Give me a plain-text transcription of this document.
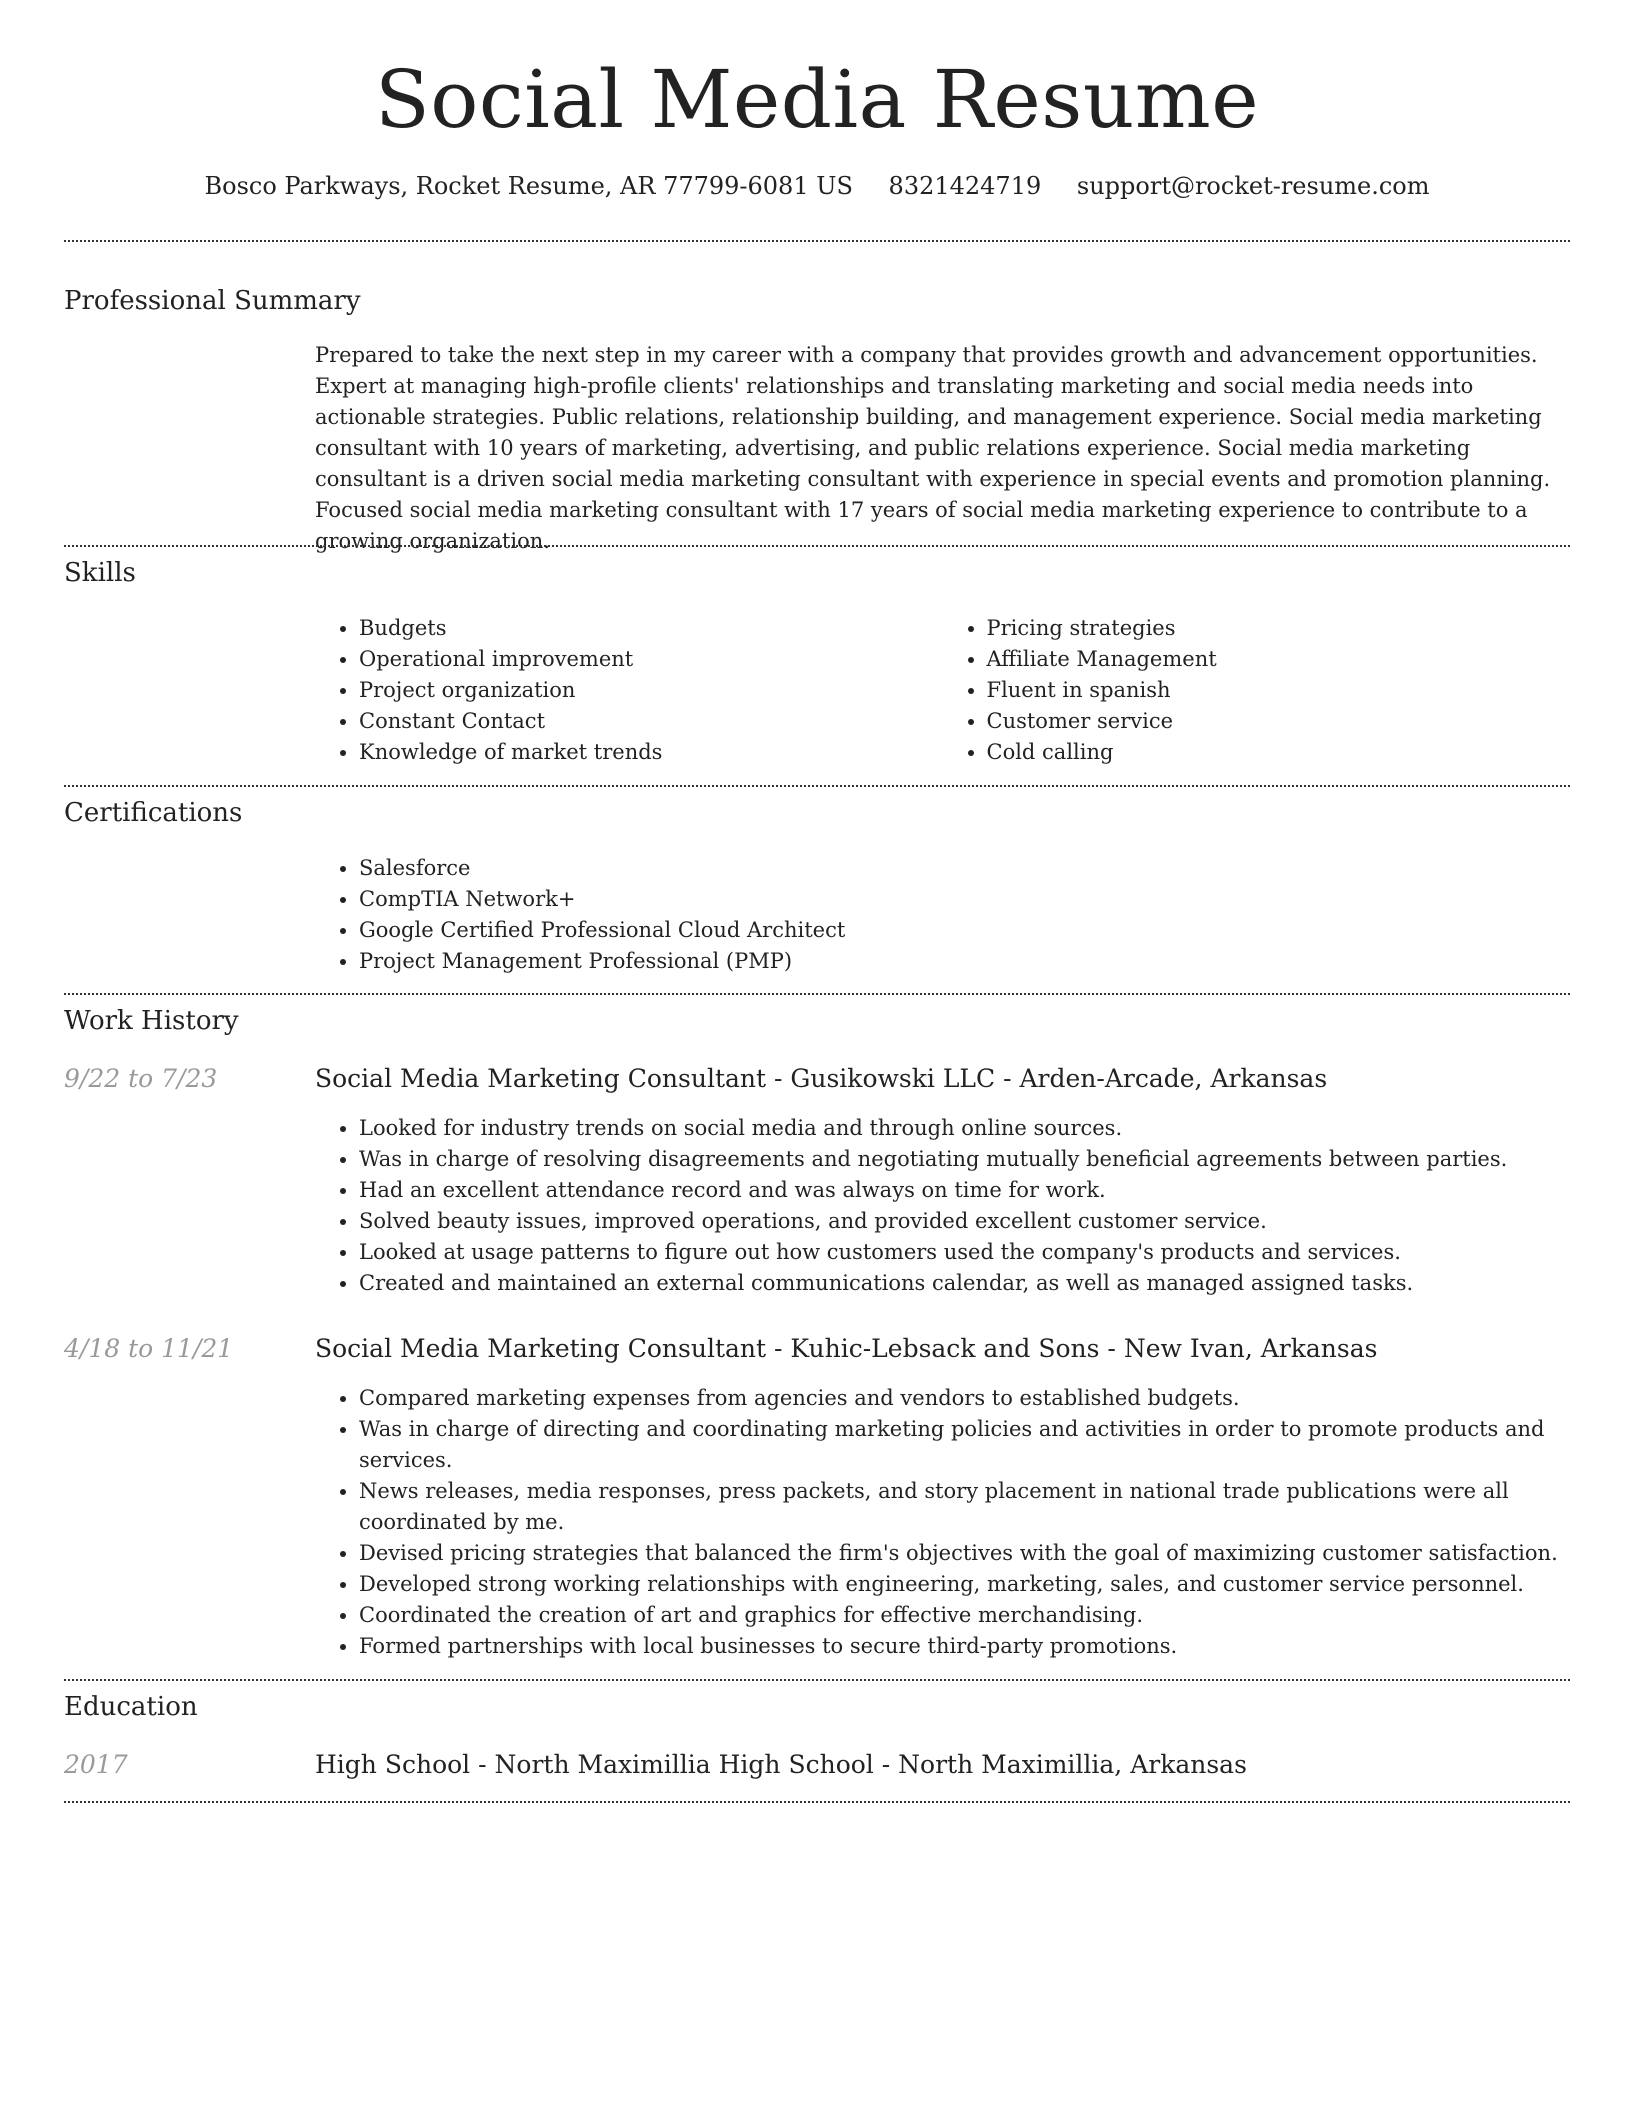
Social Media Resume
Bosco Parkways, Rocket Resume, AR 77799-6081 US 8321424719 support@rocket-resume.com
Professional Summary

Prepared to take the next step in my career with a company that provides growth and advancement opportunities. Expert at managing high-profile clients' relationships and translating marketing and social media needs into actionable strategies. Public relations, relationship building, and management experience. Social media marketing consultant with 10 years of marketing, advertising, and public relations experience. Social media marketing consultant is a driven social media marketing consultant with experience in special events and promotion planning. Focused social media marketing consultant with 17 years of social media marketing experience to contribute to a growing organization.

Skills
• Budgets
• Operational improvement
• Project organization
• Constant Contact
• Knowledge of market trends
• Pricing strategies
• Affiliate Management
• Fluent in spanish
• Customer service
• Cold calling
Certifications
• Salesforce
• CompTIA Network+
• Google Certified Professional Cloud Architect
• Project Management Professional (PMP)
Work History
9/22 to 7/23	Social Media Marketing Consultant - Gusikowski LLC - Arden-Arcade, Arkansas
• Looked for industry trends on social media and through online sources.
• Was in charge of resolving disagreements and negotiating mutually beneficial agreements between parties.
• Had an excellent attendance record and was always on time for work.
• Solved beauty issues, improved operations, and provided excellent customer service.
• Looked at usage patterns to figure out how customers used the company's products and services.
• Created and maintained an external communications calendar, as well as managed assigned tasks.
4/18 to 11/21	Social Media Marketing Consultant - Kuhic-Lebsack and Sons - New Ivan, Arkansas
• Compared marketing expenses from agencies and vendors to established budgets.
• Was in charge of directing and coordinating marketing policies and activities in order to promote products and services.
• News releases, media responses, press packets, and story placement in national trade publications were all coordinated by me.
• Devised pricing strategies that balanced the firm's objectives with the goal of maximizing customer satisfaction.
• Developed strong working relationships with engineering, marketing, sales, and customer service personnel.
• Coordinated the creation of art and graphics for effective merchandising.
• Formed partnerships with local businesses to secure third-party promotions.
Education
2017	High School - North Maximillia High School - North Maximillia, Arkansas
